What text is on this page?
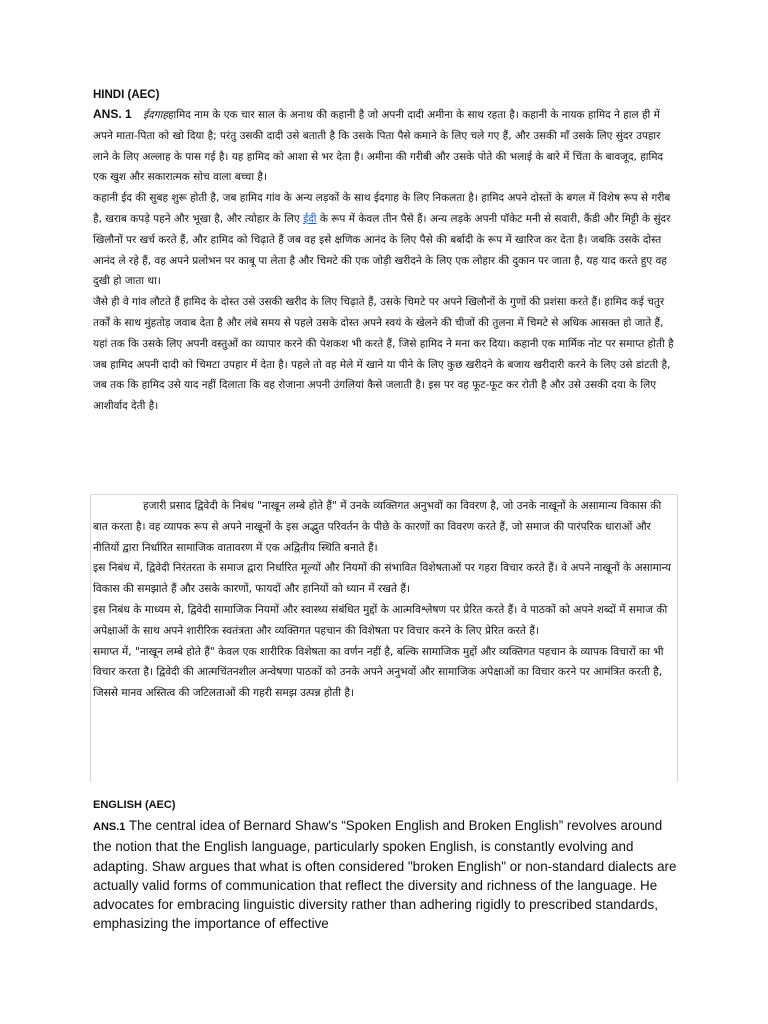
HINDI (AEC)

ANS. 1 ईदगाहहामिद नाम के एक चार साल के अनाथ की कहानी है जो अपनी दादी अमीना के साथ रहता है। कहानी के नायक हामिद ने हाल ही में अपने माता-पिता को खो दिया है; परंतु उसकी दादी उसे बताती है कि उसके पिता पैसे कमाने के लिए चले गए हैं, और उसकी माँ उसके लिए सुंदर उपहार लाने के लिए अल्लाह के पास गई है। यह हामिद को आशा से भर देता है। अमीना की गरीबी और उसके पोते की भलाई के बारे में चिंता के बावजूद, हामिद एक खुश और सकारात्मक सोच वाला बच्चा है।

कहानी ईद की सुबह शुरू होती है, जब हामिद गांव के अन्य लड़कों के साथ ईदगाह के लिए निकलता है। हामिद अपने दोस्तों के बगल में विशेष रूप से गरीब है, खराब कपड़े पहने और भूखा है, और त्योहार के लिए ईदी के रूप में केवल तीन पैसे हैं। अन्य लड़के अपनी पॉकेट मनी से सवारी, कैंडी और मिट्टी के सुंदर खिलौनों पर खर्च करते हैं, और हामिद को चिढ़ाते हैं जब वह इसे क्षणिक आनंद के लिए पैसे की बर्बादी के रूप में खारिज कर देता है। जबकि उसके दोस्त आनंद ले रहे हैं, वह अपने प्रलोभन पर काबू पा लेता है और चिमटे की एक जोड़ी खरीदने के लिए एक लोहार की दुकान पर जाता है, यह याद करते हुए वह दुखी हो जाता था।

जैसे ही वे गांव लौटते हैं हामिद के दोस्त उसे उसकी खरीद के लिए चिढ़ाते हैं, उसके चिमटे पर अपने खिलौनों के गुणों की प्रशंसा करते हैं। हामिद कई चतुर तर्कों के साथ मुंहतोड़ जवाब देता है और लंबे समय से पहले उसके दोस्त अपने स्वयं के खेलने की चीजों की तुलना में चिमटे से अधिक आसक्त हो जाते हैं, यहां तक कि उसके लिए अपनी वस्तुओं का व्यापार करने की पेशकश भी करते हैं, जिसे हामिद ने मना कर दिया। कहानी एक मार्मिक नोट पर समाप्त होती है जब हामिद अपनी दादी को चिमटा उपहार में देता है। पहले तो वह मेले में खाने या पीने के लिए कुछ खरीदने के बजाय खरीदारी करने के लिए उसे डांटती है, जब तक कि हामिद उसे याद नहीं दिलाता कि वह रोजाना अपनी उंगलियां कैसे जलाती है। इस पर वह फूट-फूट कर रोती है और उसे उसकी दया के लिए आशीर्वाद देती है।

हजारी प्रसाद द्विवेदी के निबंध "नाखून लम्बे होते हैं" में उनके व्यक्तिगत अनुभवों का विवरण है, जो उनके नाखूनों के असामान्य विकास की बात करता है। वह व्यापक रूप से अपने नाखूनों के इस अद्भुत परिवर्तन के पीछे के कारणों का विवरण करते हैं, जो समाज की पारंपरिक धाराओं और नीतियों द्वारा निर्धारित सामाजिक वातावरण में एक अद्वितीय स्थिति बनाते हैं।

इस निबंध में, द्विवेदी निरंतरता के समाज द्वारा निर्धारित मूल्यों और नियमों की संभावित विशेषताओं पर गहरा विचार करते हैं। वे अपने नाखूनों के असामान्य विकास की समझाते हैं और उसके कारणों, फायदों और हानियों को ध्यान में रखते हैं।

इस निबंध के माध्यम से, द्विवेदी सामाजिक नियमों और स्वास्थ्य संबंधित मुद्दों के आत्मविश्लेषण पर प्रेरित करते हैं। वे पाठकों को अपने शब्दों में समाज की अपेक्षाओं के साथ अपने शारीरिक स्वतंत्रता और व्यक्तिगत पहचान की विशेषता पर विचार करने के लिए प्रेरित करते हैं।

समाप्त में, "नाखून लम्बे होते हैं" केवल एक शारीरिक विशेषता का वर्णन नहीं है, बल्कि सामाजिक मुद्दों और व्यक्तिगत पहचान के व्यापक विचारों का भी विचार करता है। द्विवेदी की आत्मचिंतनशील अन्वेषणा पाठकों को उनके अपने अनुभवों और सामाजिक अपेक्षाओं का विचार करने पर आमंत्रित करती है, जिससे मानव अस्तित्व की जटिलताओं की गहरी समझ उत्पन्न होती है।

ENGLISH (AEC)

ANS.1 The central idea of Bernard Shaw's “Spoken English and Broken English” revolves around the notion that the English language, particularly spoken English, is constantly evolving and adapting. Shaw argues that what is often considered "broken English" or non-standard dialects are actually valid forms of communication that reflect the diversity and richness of the language. He advocates for embracing linguistic diversity rather than adhering rigidly to prescribed standards, emphasizing the importance of effective
